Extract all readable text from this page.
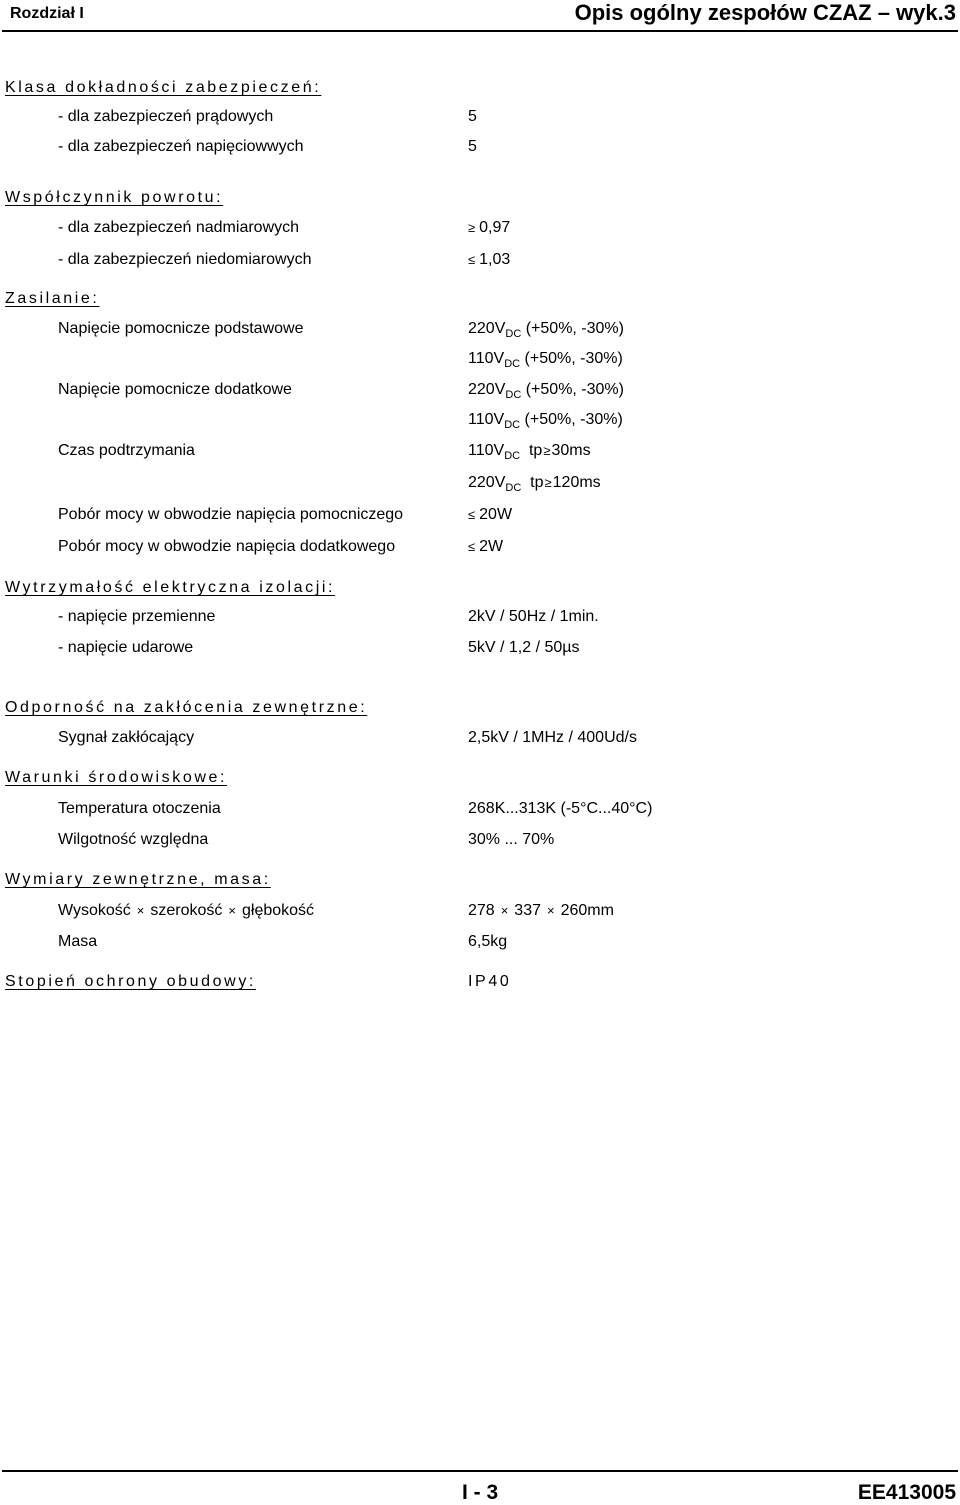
Rozdział I	Opis ogólny zespołów CZAZ – wyk.3
Klasa dokładności zabezpieczeń:
- dla zabezpieczeń prądowych	5
- dla zabezpieczeń napięciowwych	5
Współczynnik powrotu:
- dla zabezpieczeń nadmiarowych	≥ 0,97
- dla zabezpieczeń niedomiarowych	≤ 1,03
Zasilanie:
Napięcie pomocnicze podstawowe	$220V_{DC}$ (+50%, -30%)
$110V_{DC}$ (+50%, -30%)
Napięcie pomocnicze dodatkowe	$220V_{DC}$ (+50%, -30%)
$110V_{DC}$ (+50%, -30%)
Czas podtrzymania	$110V_{DC}$ tp≥30ms
$220V_{DC}$ tp≥120ms
Pobór mocy w obwodzie napięcia pomocniczego	≤ 20W
Pobór mocy w obwodzie napięcia dodatkowego	≤ 2W
Wytrzymałość elektryczna izolacji:
- napięcie przemienne	2kV / 50Hz / 1min.
- napięcie udarowe	5kV / 1,2 / 50µs
Odporność na zakłócenia zewnętrzne:
Sygnał zakłócający	2,5kV / 1MHz / 400Ud/s
Warunki środowiskowe:
Temperatura otoczenia	268K...313K (-5°C...40°C)
Wilgotność względna	30% ... 70%
Wymiary zewnętrzne, masa:
Wysokość × szerokość × głębokość	278 × 337 × 260mm
Masa	6,5kg
Stopień ochrony obudowy:	IP40
I - 3	EE413005
